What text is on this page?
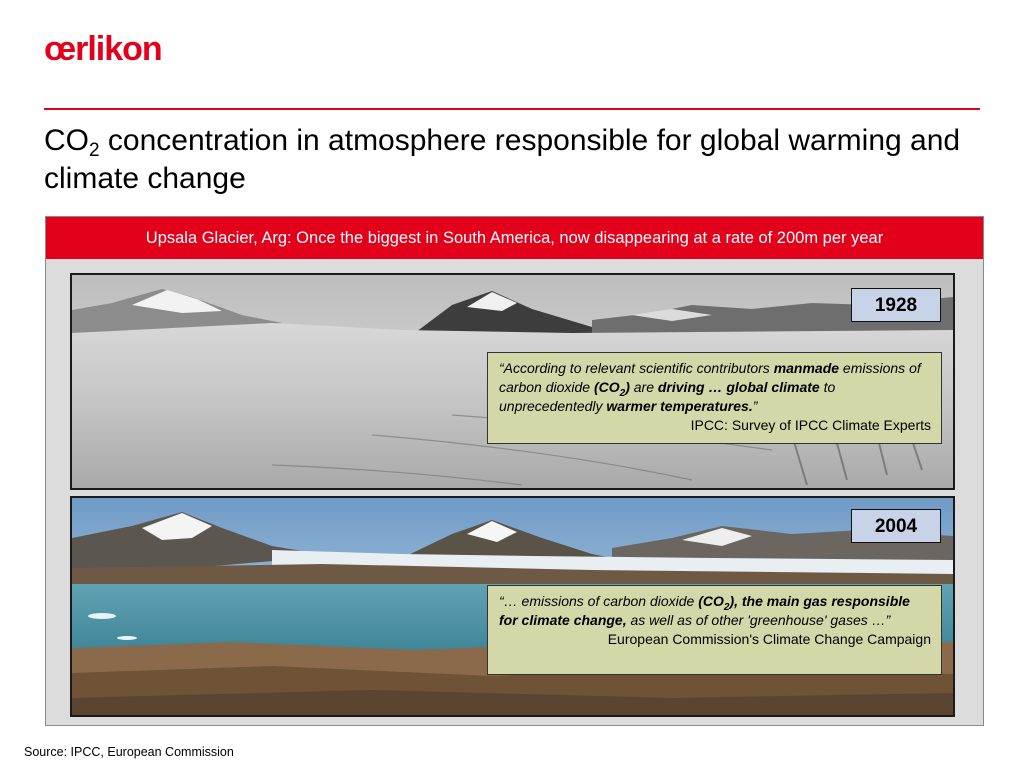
œrlikon
$CO_2$ concentration in atmosphere responsible for global warming and climate change
Upsala Glacier, Arg: Once the biggest in South America, now disappearing at a rate of 200m per year
1928
2004
“According to relevant scientific contributors manmade emissions of carbon dioxide $(CO_2)$ are driving … global climate to unprecedentedly warmer temperatures.”
IPCC: Survey of IPCC Climate Experts
“… emissions of carbon dioxide $(CO_2)$, the main gas responsible for climate change, as well as of other 'greenhouse' gases …”
European Commission's Climate Change Campaign
Source: IPCC, European Commission
